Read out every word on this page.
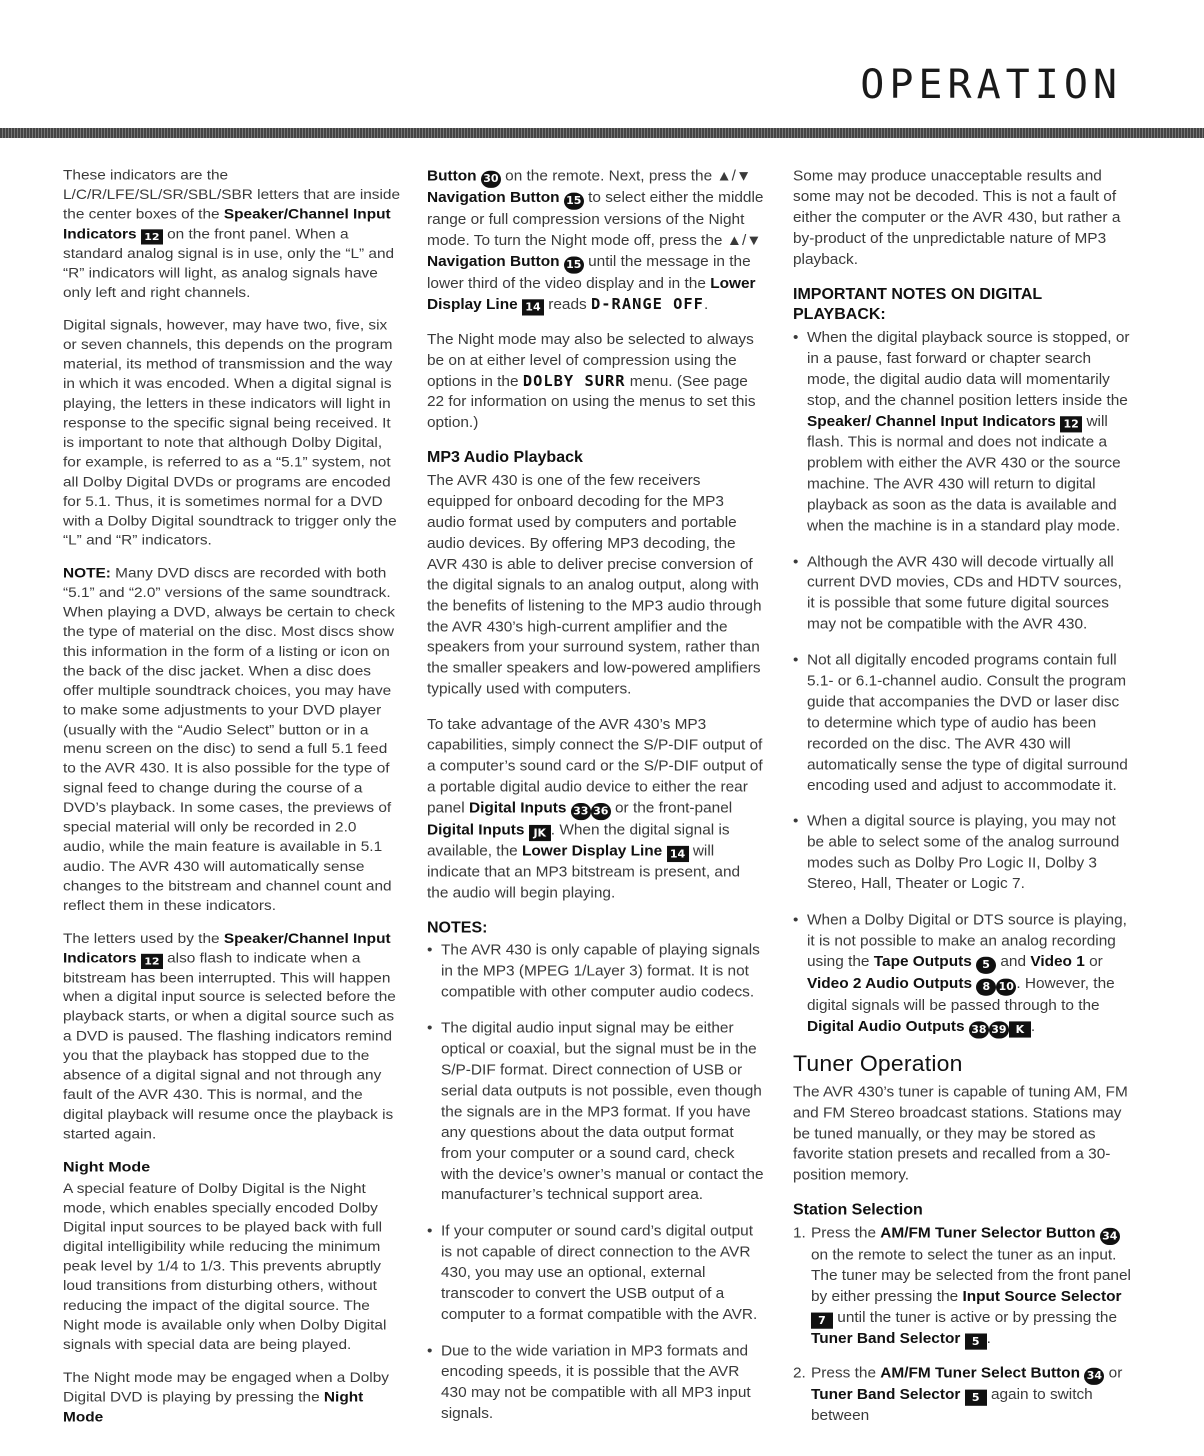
OPERATION

These indicators are the L/C/R/LFE/SL/SR/SBL/SBR letters that are inside the center boxes of the Speaker/Channel Input Indicators 12 on the front panel. When a standard analog signal is in use, only the “L” and “R” indicators will light, as analog signals have only left and right channels.

Digital signals, however, may have two, five, six or seven channels, this depends on the program material, its method of transmission and the way in which it was encoded. When a digital signal is playing, the letters in these indicators will light in response to the specific signal being received. It is important to note that although Dolby Digital, for example, is referred to as a “5.1” system, not all Dolby Digital DVDs or programs are encoded for 5.1. Thus, it is sometimes normal for a DVD with a Dolby Digital soundtrack to trigger only the “L” and “R” indicators.

NOTE: Many DVD discs are recorded with both “5.1” and “2.0” versions of the same soundtrack. When playing a DVD, always be certain to check the type of material on the disc. Most discs show this information in the form of a listing or icon on the back of the disc jacket. When a disc does offer multiple soundtrack choices, you may have to make some adjustments to your DVD player (usually with the “Audio Select” button or in a menu screen on the disc) to send a full 5.1 feed to the AVR 430. It is also possible for the type of signal feed to change during the course of a DVD’s playback. In some cases, the previews of special material will only be recorded in 2.0 audio, while the main feature is available in 5.1 audio. The AVR 430 will automatically sense changes to the bitstream and channel count and reflect them in these indicators.

The letters used by the Speaker/Channel Input Indicators 12 also flash to indicate when a bitstream has been interrupted. This will happen when a digital input source is selected before the playback starts, or when a digital source such as a DVD is paused. The flashing indicators remind you that the playback has stopped due to the absence of a digital signal and not through any fault of the AVR 430. This is normal, and the digital playback will resume once the playback is started again.

Night Mode

A special feature of Dolby Digital is the Night mode, which enables specially encoded Dolby Digital input sources to be played back with full digital intelligibility while reducing the minimum peak level by 1/4 to 1/3. This prevents abruptly loud transitions from disturbing others, without reducing the impact of the digital source. The Night mode is available only when Dolby Digital signals with special data are being played.

The Night mode may be engaged when a Dolby Digital DVD is playing by pressing the Night Mode

Button 30 on the remote. Next, press the ▲/▼ Navigation Button 15 to select either the middle range or full compression versions of the Night mode. To turn the Night mode off, press the ▲/▼ Navigation Button 15 until the message in the lower third of the video display and in the Lower Display Line 14 reads D-RANGE OFF.

The Night mode may also be selected to always be on at either level of compression using the options in the DOLBY SURR menu. (See page 22 for information on using the menus to set this option.)

MP3 Audio Playback

The AVR 430 is one of the few receivers equipped for onboard decoding for the MP3 audio format used by computers and portable audio devices. By offering MP3 decoding, the AVR 430 is able to deliver precise conversion of the digital signals to an analog output, along with the benefits of listening to the MP3 audio through the AVR 430’s high-current amplifier and the speakers from your surround system, rather than the smaller speakers and low-powered amplifiers typically used with computers.

To take advantage of the AVR 430’s MP3 capabilities, simply connect the S/P-DIF output of a computer’s sound card or the S/P-DIF output of a portable digital audio device to either the rear panel Digital Inputs 33 36 or the front-panel Digital Inputs JK . When the digital signal is available, the Lower Display Line 14 will indicate that an MP3 bitstream is present, and the audio will begin playing.

NOTES:
• The AVR 430 is only capable of playing signals in the MP3 (MPEG 1/Layer 3) format. It is not compatible with other computer audio codecs.
• The digital audio input signal may be either optical or coaxial, but the signal must be in the S/P-DIF format. Direct connection of USB or serial data outputs is not possible, even though the signals are in the MP3 format. If you have any questions about the data output format from your computer or a sound card, check with the device’s owner’s manual or contact the manufacturer’s technical support area.
• If your computer or sound card’s digital output is not capable of direct connection to the AVR 430, you may use an optional, external transcoder to convert the USB output of a computer to a format compatible with the AVR.
• Due to the wide variation in MP3 formats and encoding speeds, it is possible that the AVR 430 may not be compatible with all MP3 input signals.

Some may produce unacceptable results and some may not be decoded. This is not a fault of either the computer or the AVR 430, but rather a by-product of the unpredictable nature of MP3 playback.

IMPORTANT NOTES ON DIGITAL PLAYBACK:
• When the digital playback source is stopped, or in a pause, fast forward or chapter search mode, the digital audio data will momentarily stop, and the channel position letters inside the Speaker/ Channel Input Indicators 12 will flash. This is normal and does not indicate a problem with either the AVR 430 or the source machine. The AVR 430 will return to digital playback as soon as the data is available and when the machine is in a standard play mode.
• Although the AVR 430 will decode virtually all current DVD movies, CDs and HDTV sources, it is possible that some future digital sources may not be compatible with the AVR 430.
• Not all digitally encoded programs contain full 5.1- or 6.1-channel audio. Consult the program guide that accompanies the DVD or laser disc to determine which type of audio has been recorded on the disc. The AVR 430 will automatically sense the type of digital surround encoding used and adjust to accommodate it.
• When a digital source is playing, you may not be able to select some of the analog surround modes such as Dolby Pro Logic II, Dolby 3 Stereo, Hall, Theater or Logic 7.
• When a Dolby Digital or DTS source is playing, it is not possible to make an analog recording using the Tape Outputs 5 and Video 1 or Video 2 Audio Outputs 8 10 . However, the digital signals will be passed through to the Digital Audio Outputs 38 39 K .
Tuner Operation

The AVR 430’s tuner is capable of tuning AM, FM and FM Stereo broadcast stations. Stations may be tuned manually, or they may be stored as favorite station presets and recalled from a 30-position memory.

Station Selection
1. Press the AM/FM Tuner Selector Button 34 on the remote to select the tuner as an input. The tuner may be selected from the front panel by either pressing the Input Source Selector 7 until the tuner is active or by pressing the Tuner Band Selector 5 .
2. Press the AM/FM Tuner Select Button 34 or Tuner Band Selector 5 again to switch between
